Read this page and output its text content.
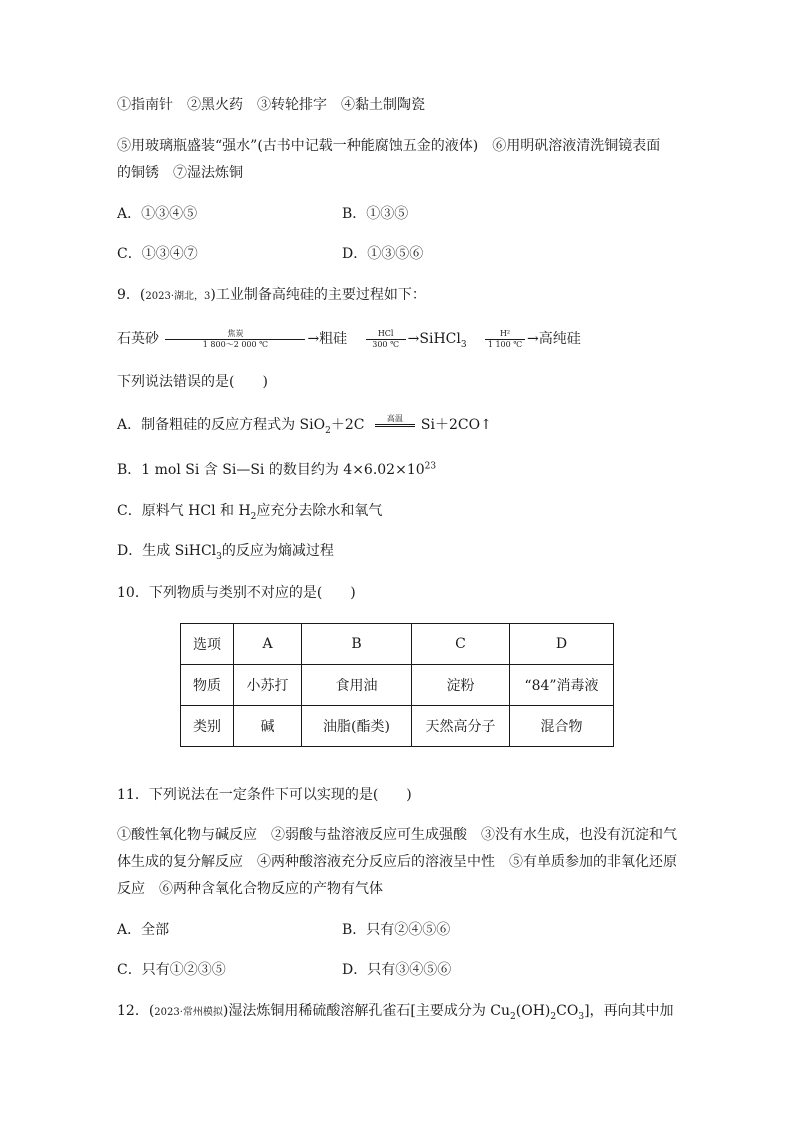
①指南针　②黑火药　③转轮排字　④黏土制陶瓷
⑤用玻璃瓶盛装“强水”(古书中记载一种能腐蚀五金的液体)　⑥用明矾溶液清洗铜镜表面
的铜锈　⑦湿法炼铜
A．①③④⑤	B．①③⑤
C．①③④⑦	D．①③⑤⑥
9．(2023·湖北，3)工业制备高纯硅的主要过程如下：
石英砂	焦炭
1 800～2 000 ℃	→粗硅	HCl
300 ℃ →SiHCl$_3$ $\frac{\text{H²}}{1 100 ℃}$ →高纯硅
下列说法错误的是(　　)
A．制备粗硅的反应方程式为 SiO$_2$＋2C	高温
	Si＋2CO↑
B．1 mol Si 含 Si—Si 的数目约为 $4\times 6.02\times 10^{23}$
C．原料气 HCl 和 $H_2$应充分去除水和氧气
D．生成 SiHCl$_3$的反应为熵减过程
10．下列物质与类别不对应的是(　　)
选项	A	B	C	D
物质	小苏打	食用油	淀粉	“84”消毒液
类别	碱	油脂(酯类)	天然高分子	混合物
11．下列说法在一定条件下可以实现的是(　　)
①酸性氧化物与碱反应　②弱酸与盐溶液反应可生成强酸　③没有水生成，也没有沉淀和气
体生成的复分解反应　④两种酸溶液充分反应后的溶液呈中性　⑤有单质参加的非氧化还原
反应　⑥两种含氧化合物反应的产物有气体
A．全部	B．只有②④⑤⑥
C．只有①②③⑤	D．只有③④⑤⑥
12．(2023·常州模拟)湿法炼铜用稀硫酸溶解孔雀石[主要成分为 $Cu_2(OH)_2CO_3$]，再向其中加
